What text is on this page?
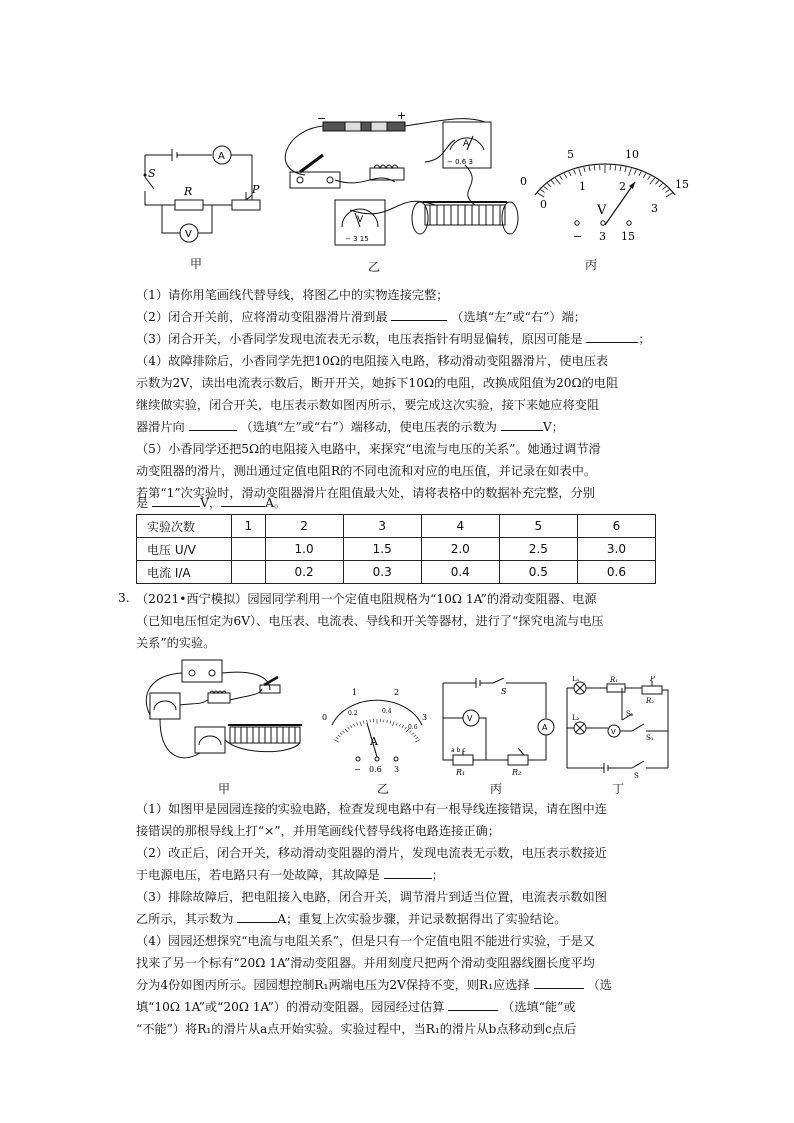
S
R	P
A
V
甲
−	+
A
− 0.6 3
V
− 3 15
乙
0
5	10
15
0
1	2
3
V
− 3 15
丙
（1）请你用笔画线代替导线，将图乙中的实物连接完整；
（2）闭合开关前，应将滑动变阻器滑片滑到最	（选填“左”或“右”）端；
（3）闭合开关，小香同学发现电流表无示数，电压表指针有明显偏转，原因可能是	；
（4）故障排除后，小香同学先把10Ω的电阻接入电路，移动滑动变阻器滑片，使电压表
示数为2V，读出电流表示数后，断开开关，她拆下10Ω的电阻，改换成阻值为20Ω的电阻
继续做实验，闭合开关，电压表示数如图丙所示，要完成这次实验，接下来她应将变阻
器滑片向	（选填“左”或“右”）端移动，使电压表的示数为	V；
（5）小香同学还把5Ω的电阻接入电路中，来探究“电流与电压的关系”。她通过调节滑
动变阻器的滑片，测出通过定值电阻R的不同电流和对应的电压值，并记录在如表中。
若第“1”次实验时，滑动变阻器滑片在阻值最大处，请将表格中的数据补充完整，分别
是	V，	A。
实验次数	1	2	3	4	5	6
电压 U/V		1.0	1.5	2.0	2.5	3.0
电流 I/A		0.2	0.3	0.4	0.5	0.6
3. （2021•西宁模拟）园园同学利用一个定值电阻规格为“10Ω 1A”的滑动变阻器、电源
（已知电压恒定为6V）、电压表、电流表、导线和开关等器材，进行了“探究电流与电压
关系”的实验。
甲
0
1	2
3
0.2	0.4
0.6
A
− 0.6 3
乙
S
V
A
a b c
R₁	R₂
丙
L₁	R₁	P
R₂
L₂	S₂
V
S₁
S
丁
（1）如图甲是园园连接的实验电路，检查发现电路中有一根导线连接错误，请在图中连
接错误的那根导线上打“×”，并用笔画线代替导线将电路连接正确；
（2）改正后，闭合开关，移动滑动变阻器的滑片，发现电流表无示数，电压表示数接近
于电源电压，若电路只有一处故障，其故障是	；
（3）排除故障后，把电阻接入电路，闭合开关，调节滑片到适当位置，电流表示数如图
乙所示，其示数为	A；重复上次实验步骤，并记录数据得出了实验结论。
（4）园园还想探究“电流与电阻关系”，但是只有一个定值电阻不能进行实验，于是又
找来了另一个标有“20Ω 1A”滑动变阻器。并用刻度尺把两个滑动变阻器线圈长度平均
分为4份如图丙所示。园园想控制R₁两端电压为2V保持不变，则R₁应选择	（选
填“10Ω 1A”或“20Ω 1A”）的滑动变阻器。园园经过估算	（选填“能”或
“不能”）将R₁的滑片从a点开始实验。实验过程中，当R₁的滑片从b点移动到c点后
